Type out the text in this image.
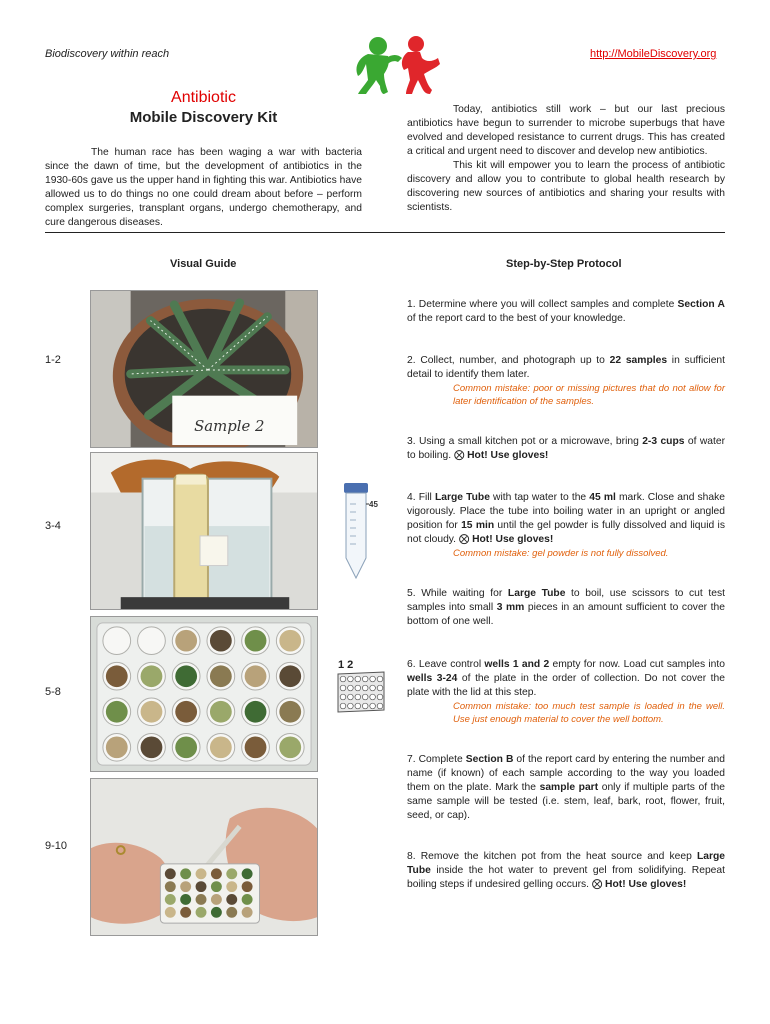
Biodiscovery within reach	http://MobileDiscovery.org
Antibiotic
Mobile Discovery Kit

The human race has been waging a war with bacteria since the dawn of time, but the development of antibiotics in the 1930-60s gave us the upper hand in fighting this war. Antibiotics have allowed us to do things no one could dream about before – perform complex surgeries, transplant organs, undergo chemotherapy, and cure dangerous diseases.

Today, antibiotics still work – but our last precious antibiotics have begun to surrender to microbe superbugs that have evolved and developed resistance to current drugs. This has created a critical and urgent need to discover and develop new antibiotics.

This kit will empower you to learn the process of antibiotic discovery and allow you to contribute to global health research by discovering new sources of antibiotics and sharing your results with scientists.

Visual Guide	Step-by-Step Protocol
1-2
3-4
5-8
9-10
Sample 2
45
1 2

1. Determine where you will collect samples and complete Section A of the report card to the best of your knowledge.

2. Collect, number, and photograph up to 22 samples in sufficient detail to identify them later.
Common mistake: poor or missing pictures that do not allow for later identification of the samples.

3. Using a small kitchen pot or a microwave, bring 2-3 cups of water to boiling. ⨂ Hot! Use gloves!

4. Fill Large Tube with tap water to the 45 ml mark. Close and shake vigorously. Place the tube into boiling water in an upright or angled position for 15 min until the gel powder is fully dissolved and liquid is not cloudy. ⨂ Hot! Use gloves!
Common mistake: gel powder is not fully dissolved.

5. While waiting for Large Tube to boil, use scissors to cut test samples into small 3 mm pieces in an amount sufficient to cover the bottom of one well.

6. Leave control wells 1 and 2 empty for now. Load cut samples into wells 3-24 of the plate in the order of collection. Do not cover the plate with the lid at this step.
Common mistake: too much test sample is loaded in the well. Use just enough material to cover the well bottom.

7. Complete Section B of the report card by entering the number and name (if known) of each sample according to the way you loaded them on the plate. Mark the sample part only if multiple parts of the same sample will be tested (i.e. stem, leaf, bark, root, flower, fruit, seed, or cap).

8. Remove the kitchen pot from the heat source and keep Large Tube inside the hot water to prevent gel from solidifying. Repeat boiling steps if undesired gelling occurs. ⨂ Hot! Use gloves!
